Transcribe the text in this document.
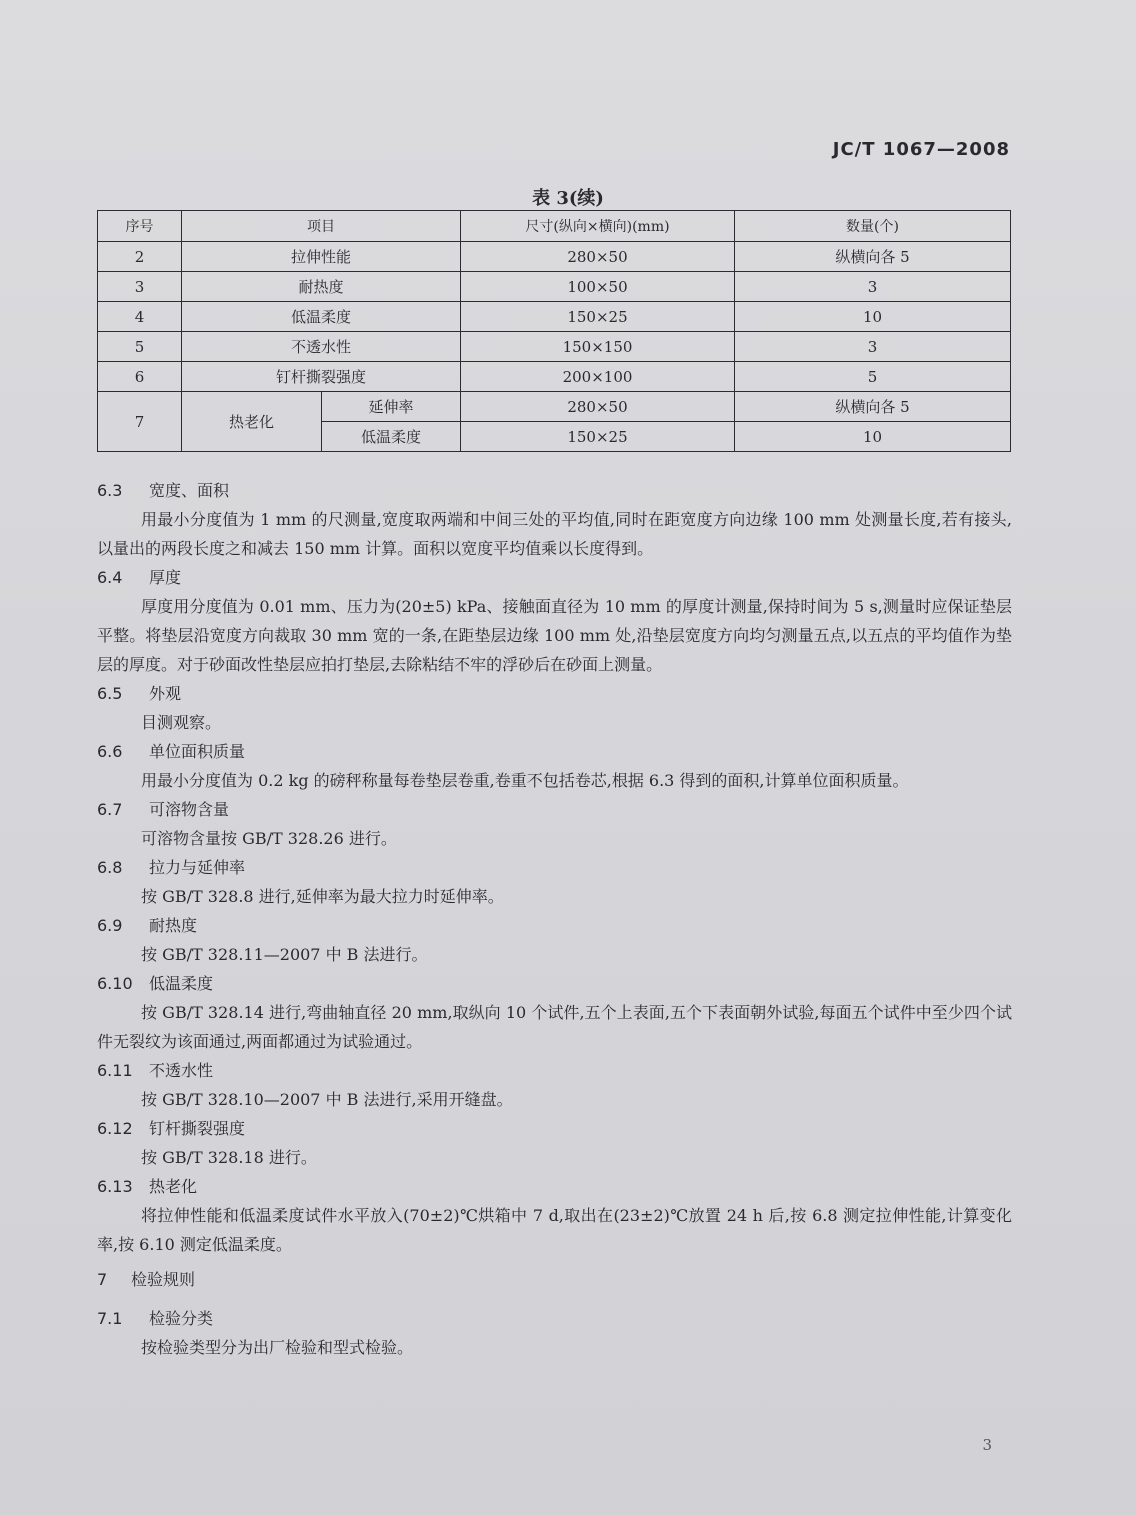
JC/T 1067—2008
表 3(续)
序号	项目		尺寸(纵向×横向)(mm)	数量(个)
2	拉伸性能		280×50	纵横向各 5
3	耐热度		100×50	3
4	低温柔度		150×25	10
5	不透水性		150×150	3
6	钉杆撕裂强度		200×100	5
7	热老化	延伸率	280×50	纵横向各 5
		低温柔度	150×25	10
6.3 宽度、面积

用最小分度值为 1 mm 的尺测量,宽度取两端和中间三处的平均值,同时在距宽度方向边缘 100 mm 处测量长度,若有接头,以量出的两段长度之和减去 150 mm 计算。面积以宽度平均值乘以长度得到。

6.4 厚度

厚度用分度值为 0.01 mm、压力为(20±5) kPa、接触面直径为 10 mm 的厚度计测量,保持时间为 5 s,测量时应保证垫层平整。将垫层沿宽度方向裁取 30 mm 宽的一条,在距垫层边缘 100 mm 处,沿垫层宽度方向均匀测量五点,以五点的平均值作为垫层的厚度。对于砂面改性垫层应拍打垫层,去除粘结不牢的浮砂后在砂面上测量。

6.5 外观

目测观察。

6.6 单位面积质量

用最小分度值为 0.2 kg 的磅秤称量每卷垫层卷重,卷重不包括卷芯,根据 6.3 得到的面积,计算单位面积质量。

6.7 可溶物含量

可溶物含量按 GB/T 328.26 进行。

6.8 拉力与延伸率

按 GB/T 328.8 进行,延伸率为最大拉力时延伸率。

6.9 耐热度

按 GB/T 328.11—2007 中 B 法进行。

6.10 低温柔度

按 GB/T 328.14 进行,弯曲轴直径 20 mm,取纵向 10 个试件,五个上表面,五个下表面朝外试验,每面五个试件中至少四个试件无裂纹为该面通过,两面都通过为试验通过。

6.11 不透水性

按 GB/T 328.10—2007 中 B 法进行,采用开缝盘。

6.12 钉杆撕裂强度

按 GB/T 328.18 进行。

6.13 热老化

将拉伸性能和低温柔度试件水平放入(70±2)℃烘箱中 7 d,取出在(23±2)℃放置 24 h 后,按 6.8 测定拉伸性能,计算变化率,按 6.10 测定低温柔度。

7 检验规则
7.1 检验分类

按检验类型分为出厂检验和型式检验。

3
